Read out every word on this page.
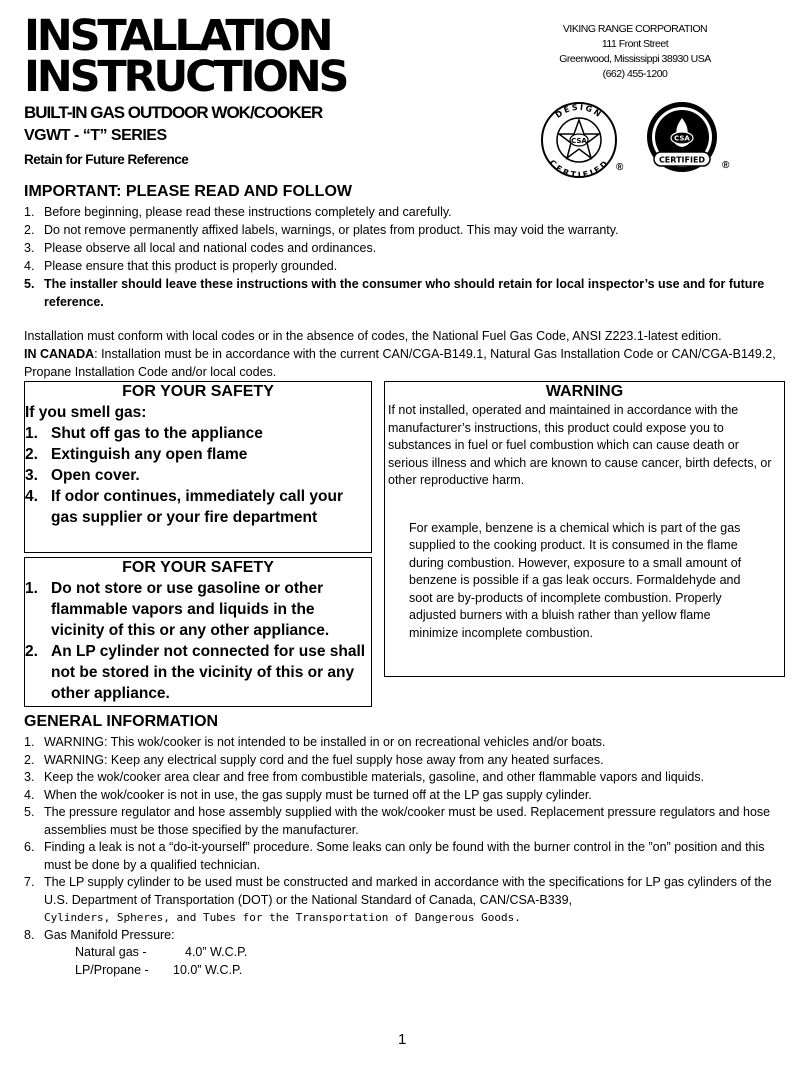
INSTALLATION
INSTRUCTIONS
BUILT-IN GAS OUTDOOR WOK/COOKER
VGWT - “T” SERIES
Retain for Future Reference
VIKING RANGE CORPORATION
111 Front Street
Greenwood, Mississippi 38930 USA
(662) 455-1200
CSA
DESIGN
CERTIFIED ®
CERTIFIED
CSA
®
IMPORTANT: PLEASE READ AND FOLLOW
1. Before beginning, please read these instructions completely and carefully.
2. Do not remove permanently affixed labels, warnings, or plates from product. This may void the warranty.
3. Please observe all local and national codes and ordinances.
4. Please ensure that this product is properly grounded.
5. The installer should leave these instructions with the consumer who should retain for local inspector’s use and for future reference.
Installation must conform with local codes or in the absence of codes, the National Fuel Gas Code, ANSI Z223.1-latest edition.
IN CANADA: Installation must be in accordance with the current CAN/CGA-B149.1, Natural Gas Installation Code or CAN/CGA-B149.2, Propane Installation Code and/or local codes.
FOR YOUR SAFETY
If you smell gas:
1. Shut off gas to the appliance
2. Extinguish any open flame
3. Open cover.
4. If odor continues, immediately call your gas supplier or your fire department
FOR YOUR SAFETY
1. Do not store or use gasoline or other flammable vapors and liquids in the vicinity of this or any other appliance.
2. An LP cylinder not connected for use shall not be stored in the vicinity of this or any other appliance.
WARNING
If not installed, operated and maintained in accordance with the manufacturer’s instructions, this product could expose you to substances in fuel or fuel combustion which can cause death or serious illness and which are known to cause cancer, birth defects, or other reproductive harm.
For example, benzene is a chemical which is part of the gas supplied to the cooking product. It is consumed in the flame during combustion. However, exposure to a small amount of benzene is possible if a gas leak occurs. Formaldehyde and soot are by-products of incomplete combustion. Properly adjusted burners with a bluish rather than yellow flame minimize incomplete combustion.
GENERAL INFORMATION
1. WARNING: This wok/cooker is not intended to be installed in or on recreational vehicles and/or boats.
2. WARNING: Keep any electrical supply cord and the fuel supply hose away from any heated surfaces.
3. Keep the wok/cooker area clear and free from combustible materials, gasoline, and other flammable vapors and liquids.
4. When the wok/cooker is not in use, the gas supply must be turned off at the LP gas supply cylinder.
5. The pressure regulator and hose assembly supplied with the wok/cooker must be used. Replacement pressure regulators and hose assemblies must be those specified by the manufacturer.
6. Finding a leak is not a “do-it-yourself” procedure. Some leaks can only be found with the burner control in the ”on” position and this must be done by a qualified technician.
7. The LP supply cylinder to be used must be constructed and marked in accordance with the specifications for LP gas cylinders of the U.S. Department of Transportation (DOT) or the National Standard of Canada, CAN/CSA-B339,
Cylinders, Spheres, and Tubes for the Transportation of Dangerous Goods.
8. Gas Manifold Pressure:
Natural gas -	4.0” W.C.P.
LP/Propane - 10.0” W.C.P.
1
